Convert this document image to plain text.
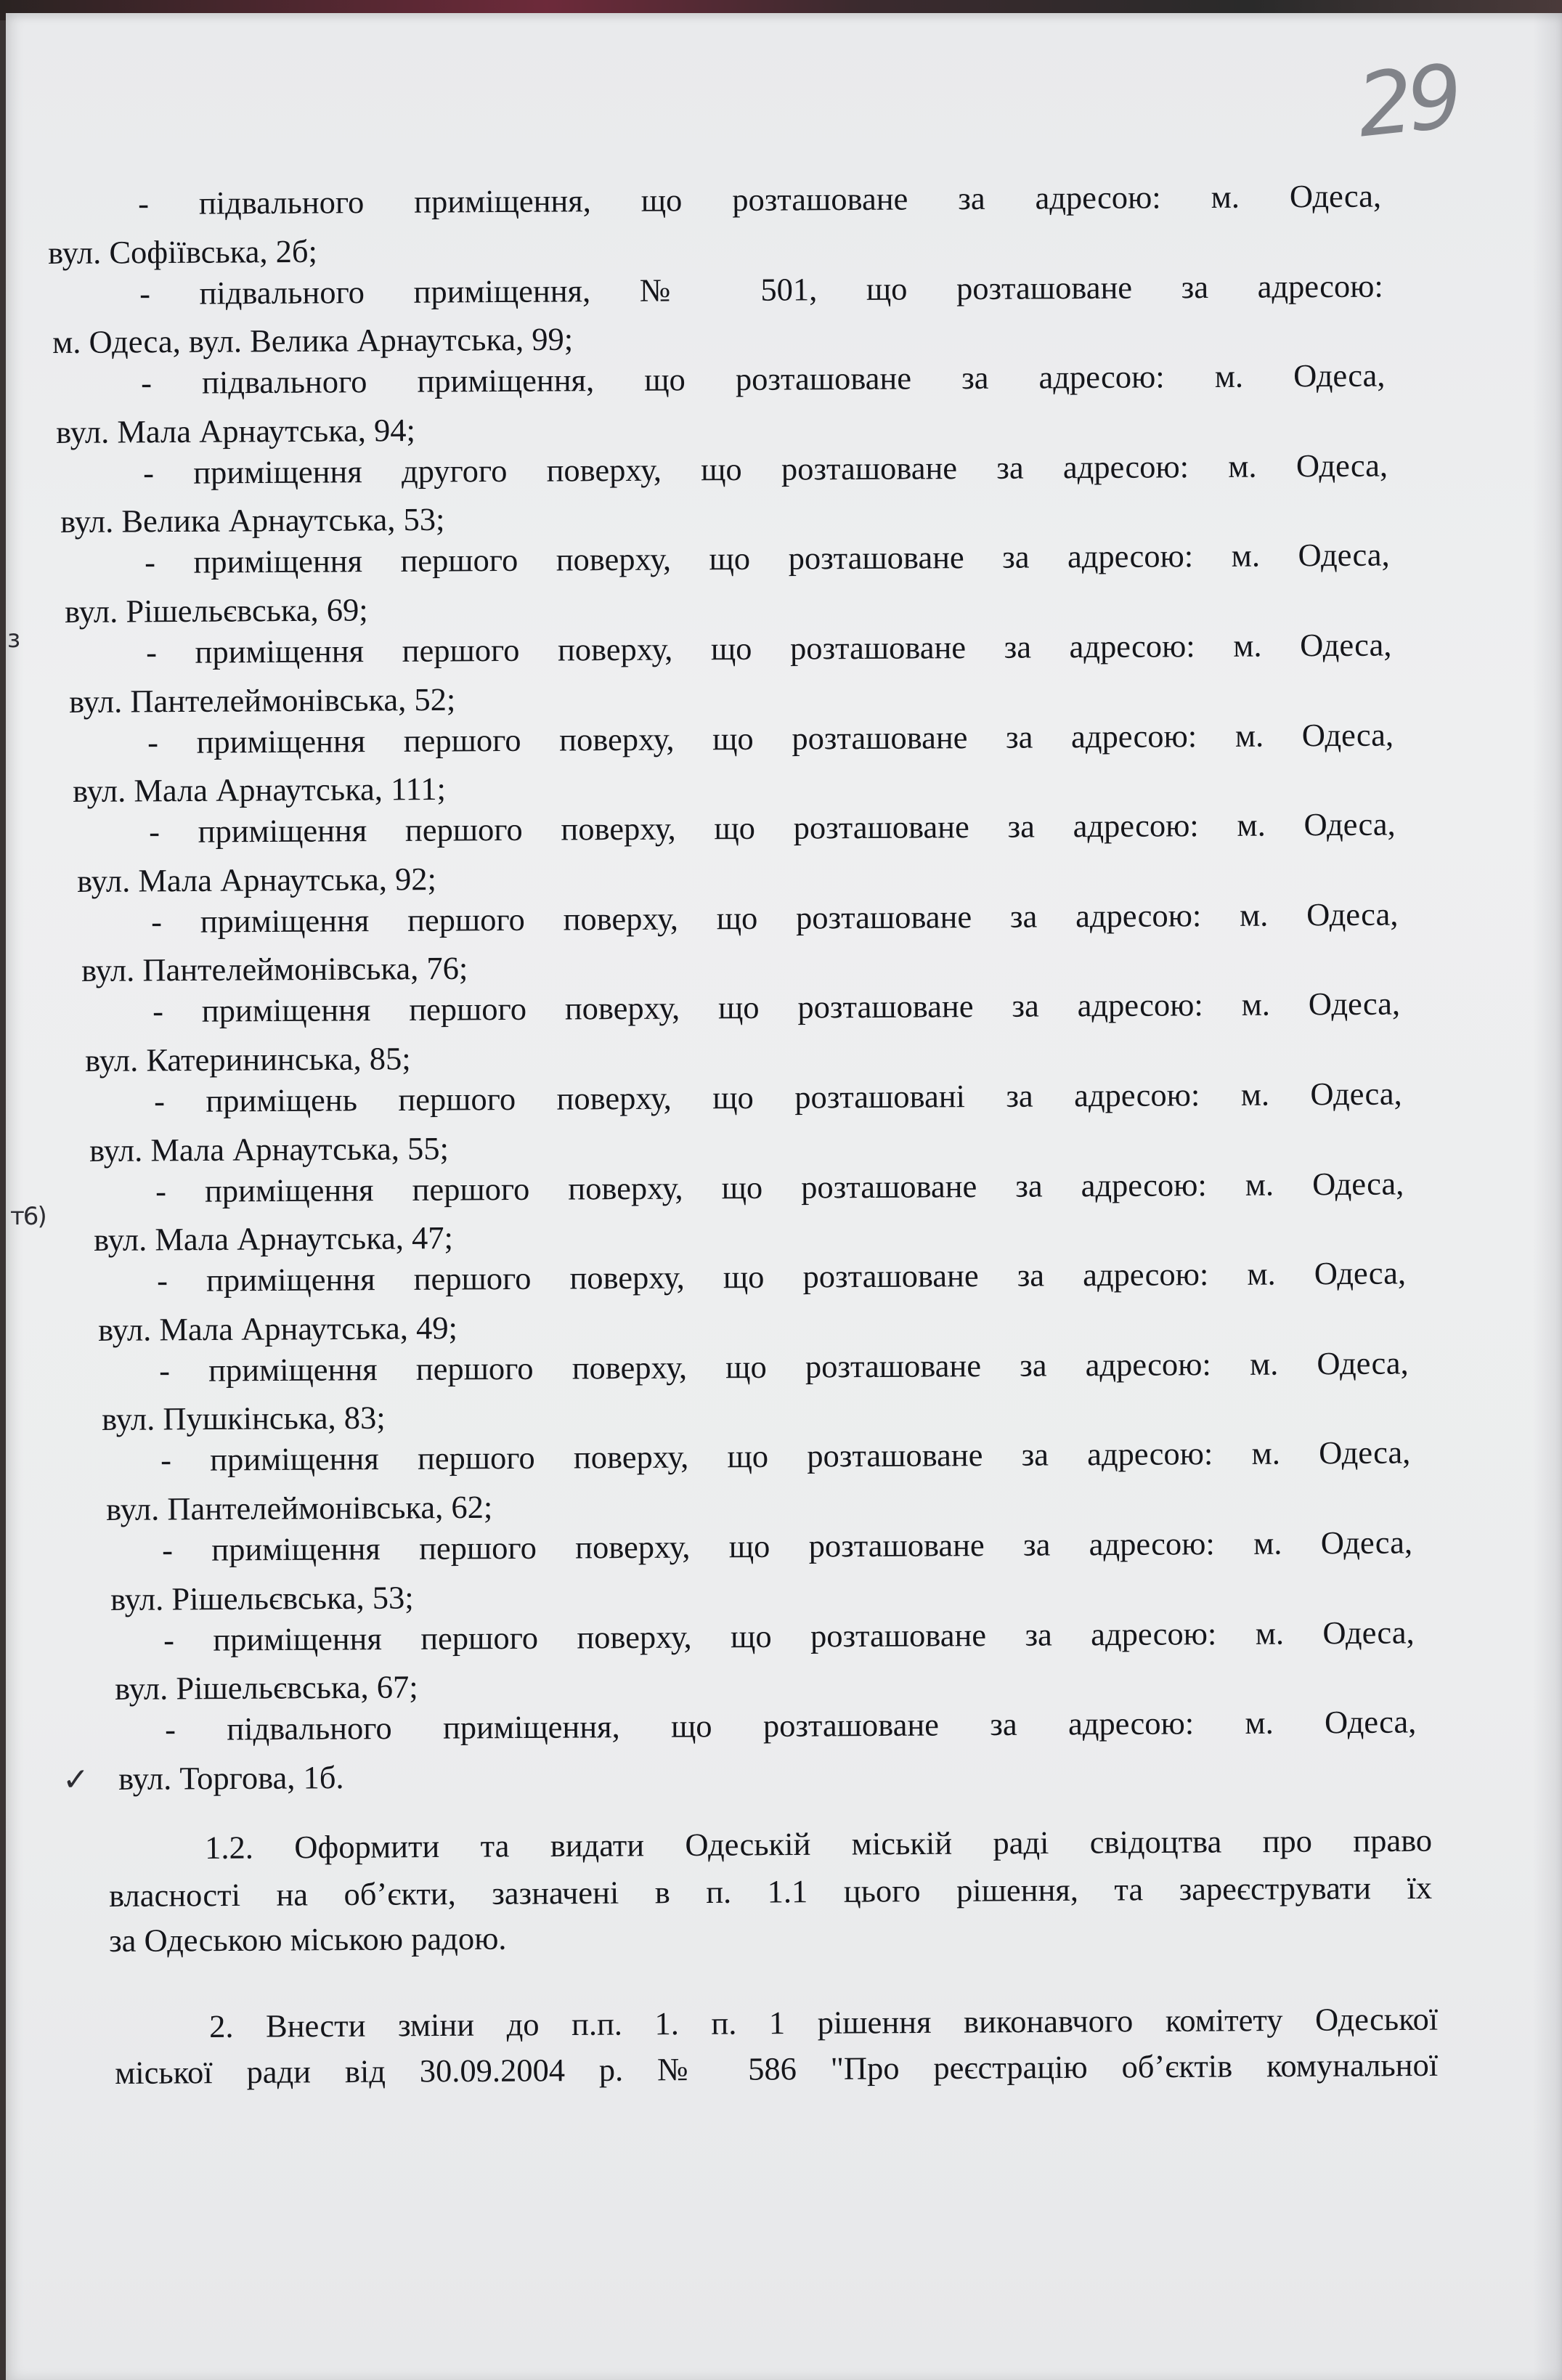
29
з
т6)
✓
- підвального приміщення, що розташоване за адресою: м. Одеса,
вул. Софіївська, 2б;
- підвального приміщення, № 501, що розташоване за адресою:
м. Одеса, вул. Велика Арнаутська, 99;
- підвального приміщення, що розташоване за адресою: м. Одеса,
вул. Мала Арнаутська, 94;
- приміщення другого поверху, що розташоване за адресою: м. Одеса,
вул. Велика Арнаутська, 53;
- приміщення першого поверху, що розташоване за адресою: м. Одеса,
вул. Рішельєвська, 69;
- приміщення першого поверху, що розташоване за адресою: м. Одеса,
вул. Пантелеймонівська, 52;
- приміщення першого поверху, що розташоване за адресою: м. Одеса,
вул. Мала Арнаутська, 111;
- приміщення першого поверху, що розташоване за адресою: м. Одеса,
вул. Мала Арнаутська, 92;
- приміщення першого поверху, що розташоване за адресою: м. Одеса,
вул. Пантелеймонівська, 76;
- приміщення першого поверху, що розташоване за адресою: м. Одеса,
вул. Катерининська, 85;
- приміщень першого поверху, що розташовані за адресою: м. Одеса,
вул. Мала Арнаутська, 55;
- приміщення першого поверху, що розташоване за адресою: м. Одеса,
вул. Мала Арнаутська, 47;
- приміщення першого поверху, що розташоване за адресою: м. Одеса,
вул. Мала Арнаутська, 49;
- приміщення першого поверху, що розташоване за адресою: м. Одеса,
вул. Пушкінська, 83;
- приміщення першого поверху, що розташоване за адресою: м. Одеса,
вул. Пантелеймонівська, 62;
- приміщення першого поверху, що розташоване за адресою: м. Одеса,
вул. Рішельєвська, 53;
- приміщення першого поверху, що розташоване за адресою: м. Одеса,
вул. Рішельєвська, 67;
- підвального приміщення, що розташоване за адресою: м. Одеса,
вул. Торгова, 1б.
1.2. Оформити та видати Одеській міській раді свідоцтва про право
власності на об’єкти, зазначені в п. 1.1 цього рішення, та зареєструвати їх
за Одеською міською радою.
2. Внести зміни до п.п. 1. п. 1 рішення виконавчого комітету Одеської
міської ради від 30.09.2004 р. № 586 "Про реєстрацію об’єктів комунальної
